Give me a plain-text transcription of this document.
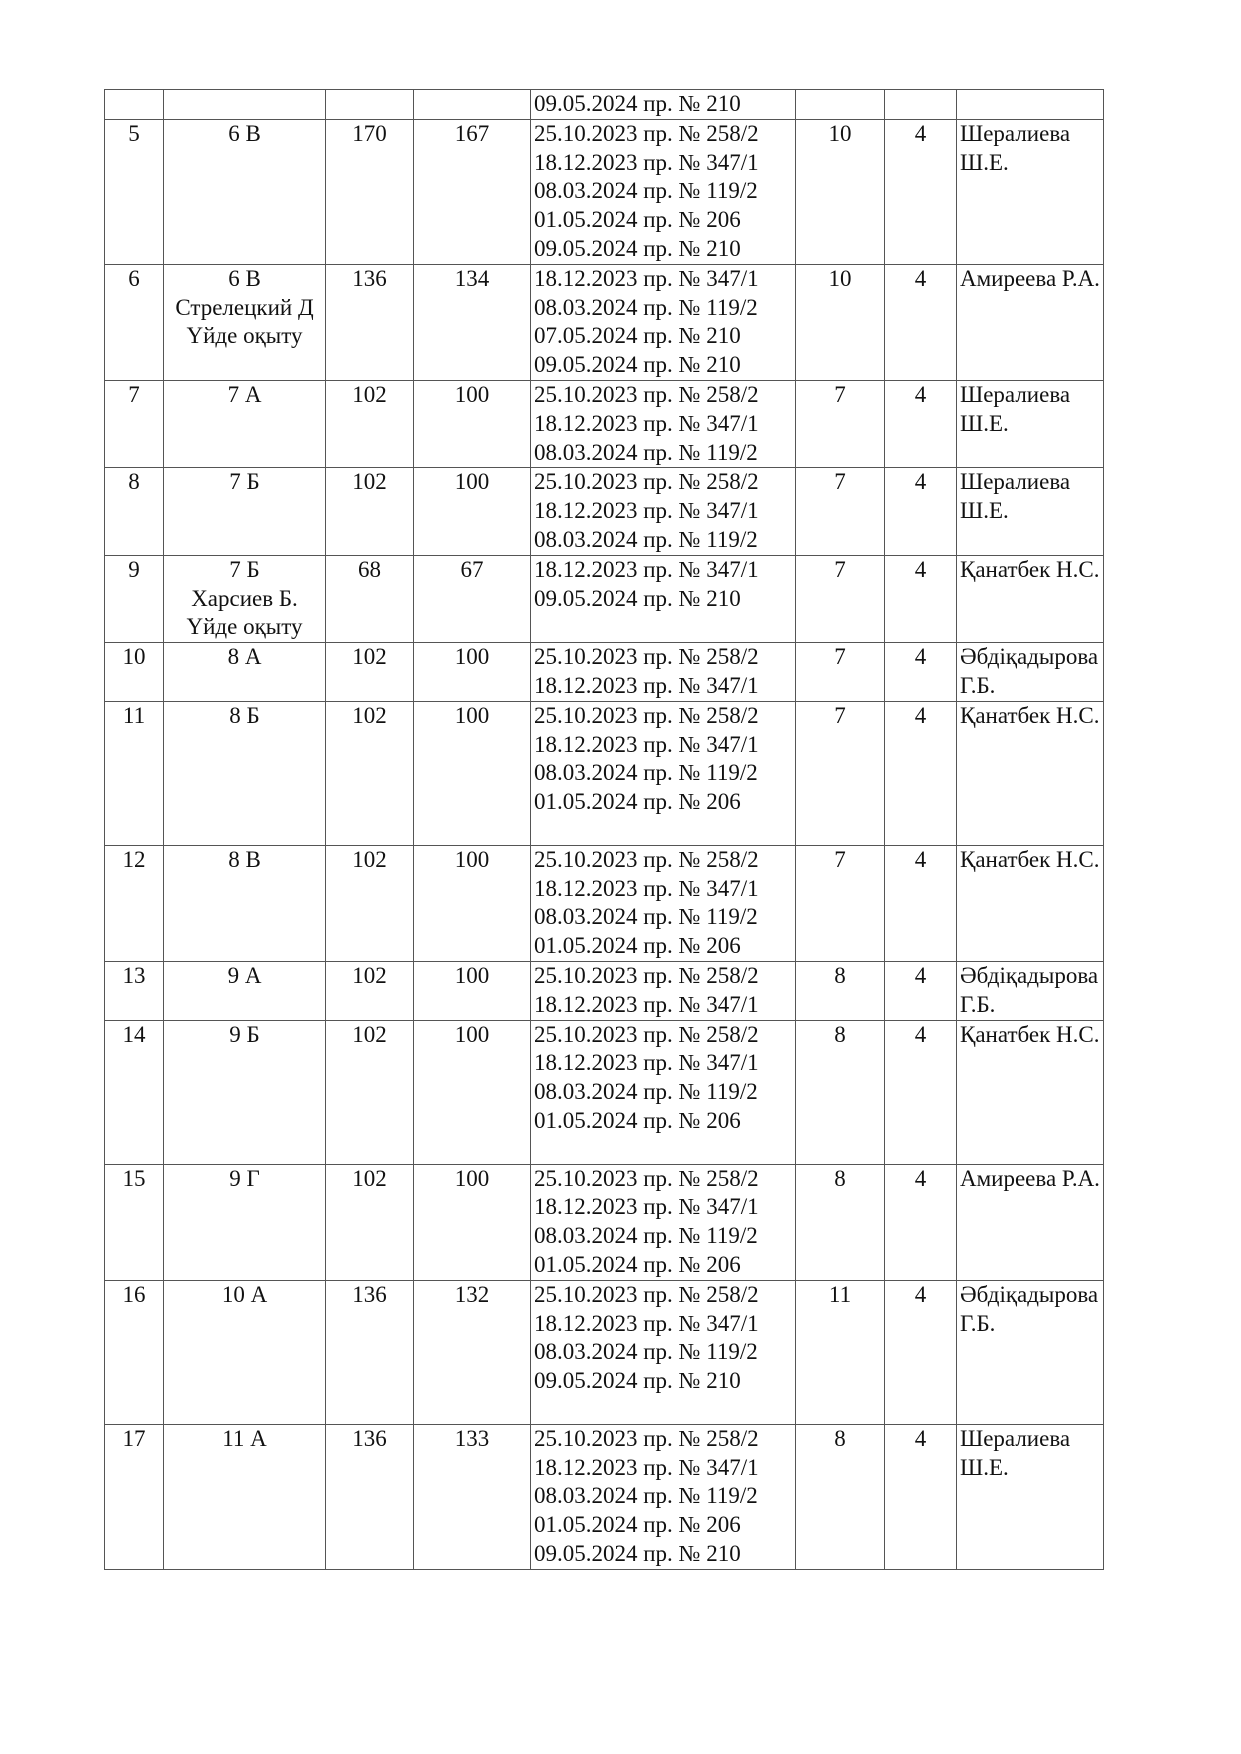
				09.05.2024 пр. № 210			

5	6 В	170	167	25.10.2023 пр. № 258/2
18.12.2023 пр. № 347/1
08.03.2024 пр. № 119/2
01.05.2024 пр. № 206
09.05.2024 пр. № 210	10	4	Шералиева Ш.Е.
6	6 В
Стрелецкий Д
Үйде оқыту	136	134	18.12.2023 пр. № 347/1
08.03.2024 пр. № 119/2
07.05.2024 пр. № 210
09.05.2024 пр. № 210	10	4	Амиреева Р.А.
7	7 А	102	100	25.10.2023 пр. № 258/2
18.12.2023 пр. № 347/1
08.03.2024 пр. № 119/2	7	4	Шералиева Ш.Е.
8	7 Б	102	100	25.10.2023 пр. № 258/2
18.12.2023 пр. № 347/1
08.03.2024 пр. № 119/2	7	4	Шералиева Ш.Е.
9	7 Б
Харсиев Б.
Үйде оқыту	68	67	18.12.2023 пр. № 347/1
09.05.2024 пр. № 210	7	4	Қанатбек Н.С.
10	8 А	102	100	25.10.2023 пр. № 258/2
18.12.2023 пр. № 347/1	7	4	Әбдіқадырова Г.Б.
11	8 Б	102	100	25.10.2023 пр. № 258/2
18.12.2023 пр. № 347/1
08.03.2024 пр. № 119/2
01.05.2024 пр. № 206	7	4	Қанатбек Н.С.
12	8 В	102	100	25.10.2023 пр. № 258/2
18.12.2023 пр. № 347/1
08.03.2024 пр. № 119/2
01.05.2024 пр. № 206	7	4	Қанатбек Н.С.
13	9 А	102	100	25.10.2023 пр. № 258/2
18.12.2023 пр. № 347/1	8	4	Әбдіқадырова Г.Б.
14	9 Б	102	100	25.10.2023 пр. № 258/2
18.12.2023 пр. № 347/1
08.03.2024 пр. № 119/2
01.05.2024 пр. № 206	8	4	Қанатбек Н.С.
15	9 Г	102	100	25.10.2023 пр. № 258/2
18.12.2023 пр. № 347/1
08.03.2024 пр. № 119/2
01.05.2024 пр. № 206	8	4	Амиреева Р.А.
16	10 А	136	132	25.10.2023 пр. № 258/2
18.12.2023 пр. № 347/1
08.03.2024 пр. № 119/2
09.05.2024 пр. № 210	11	4	Әбдіқадырова Г.Б.
17	11 А	136	133	25.10.2023 пр. № 258/2
18.12.2023 пр. № 347/1
08.03.2024 пр. № 119/2
01.05.2024 пр. № 206
09.05.2024 пр. № 210	8	4	Шералиева Ш.Е.
